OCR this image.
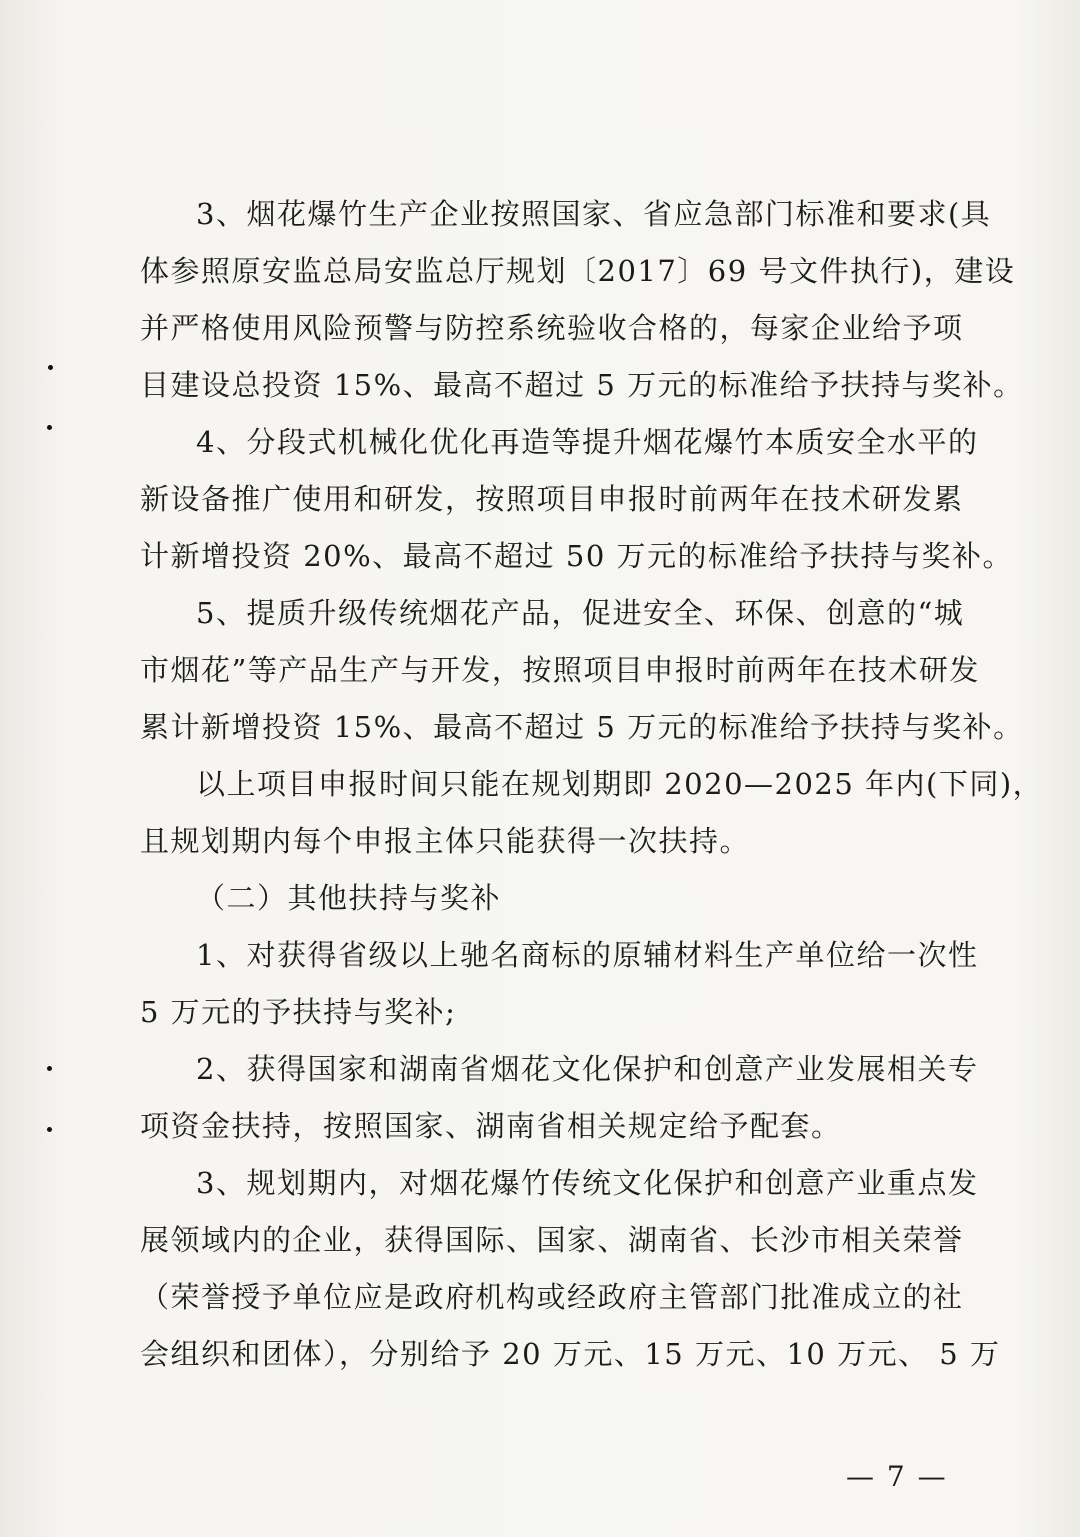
3、烟花爆竹生产企业按照国家、省应急部门标准和要求(具
体参照原安监总局安监总厅规划〔2017〕69 号文件执行)，建设
并严格使用风险预警与防控系统验收合格的，每家企业给予项
目建设总投资 15%、最高不超过 5 万元的标准给予扶持与奖补。
4、分段式机械化优化再造等提升烟花爆竹本质安全水平的
新设备推广使用和研发，按照项目申报时前两年在技术研发累
计新增投资 20%、最高不超过 50 万元的标准给予扶持与奖补。
5、提质升级传统烟花产品，促进安全、环保、创意的“城
市烟花”等产品生产与开发，按照项目申报时前两年在技术研发
累计新增投资 15%、最高不超过 5 万元的标准给予扶持与奖补。
以上项目申报时间只能在规划期即 2020—2025 年内(下同)，
且规划期内每个申报主体只能获得一次扶持。
（二）其他扶持与奖补
1、对获得省级以上驰名商标的原辅材料生产单位给一次性
5 万元的予扶持与奖补;
2、获得国家和湖南省烟花文化保护和创意产业发展相关专
项资金扶持，按照国家、湖南省相关规定给予配套。
3、规划期内，对烟花爆竹传统文化保护和创意产业重点发
展领域内的企业，获得国际、国家、湖南省、长沙市相关荣誉
（荣誉授予单位应是政府机构或经政府主管部门批准成立的社
会组织和团体），分别给予 20 万元、15 万元、10 万元、 5 万
— 7 —
